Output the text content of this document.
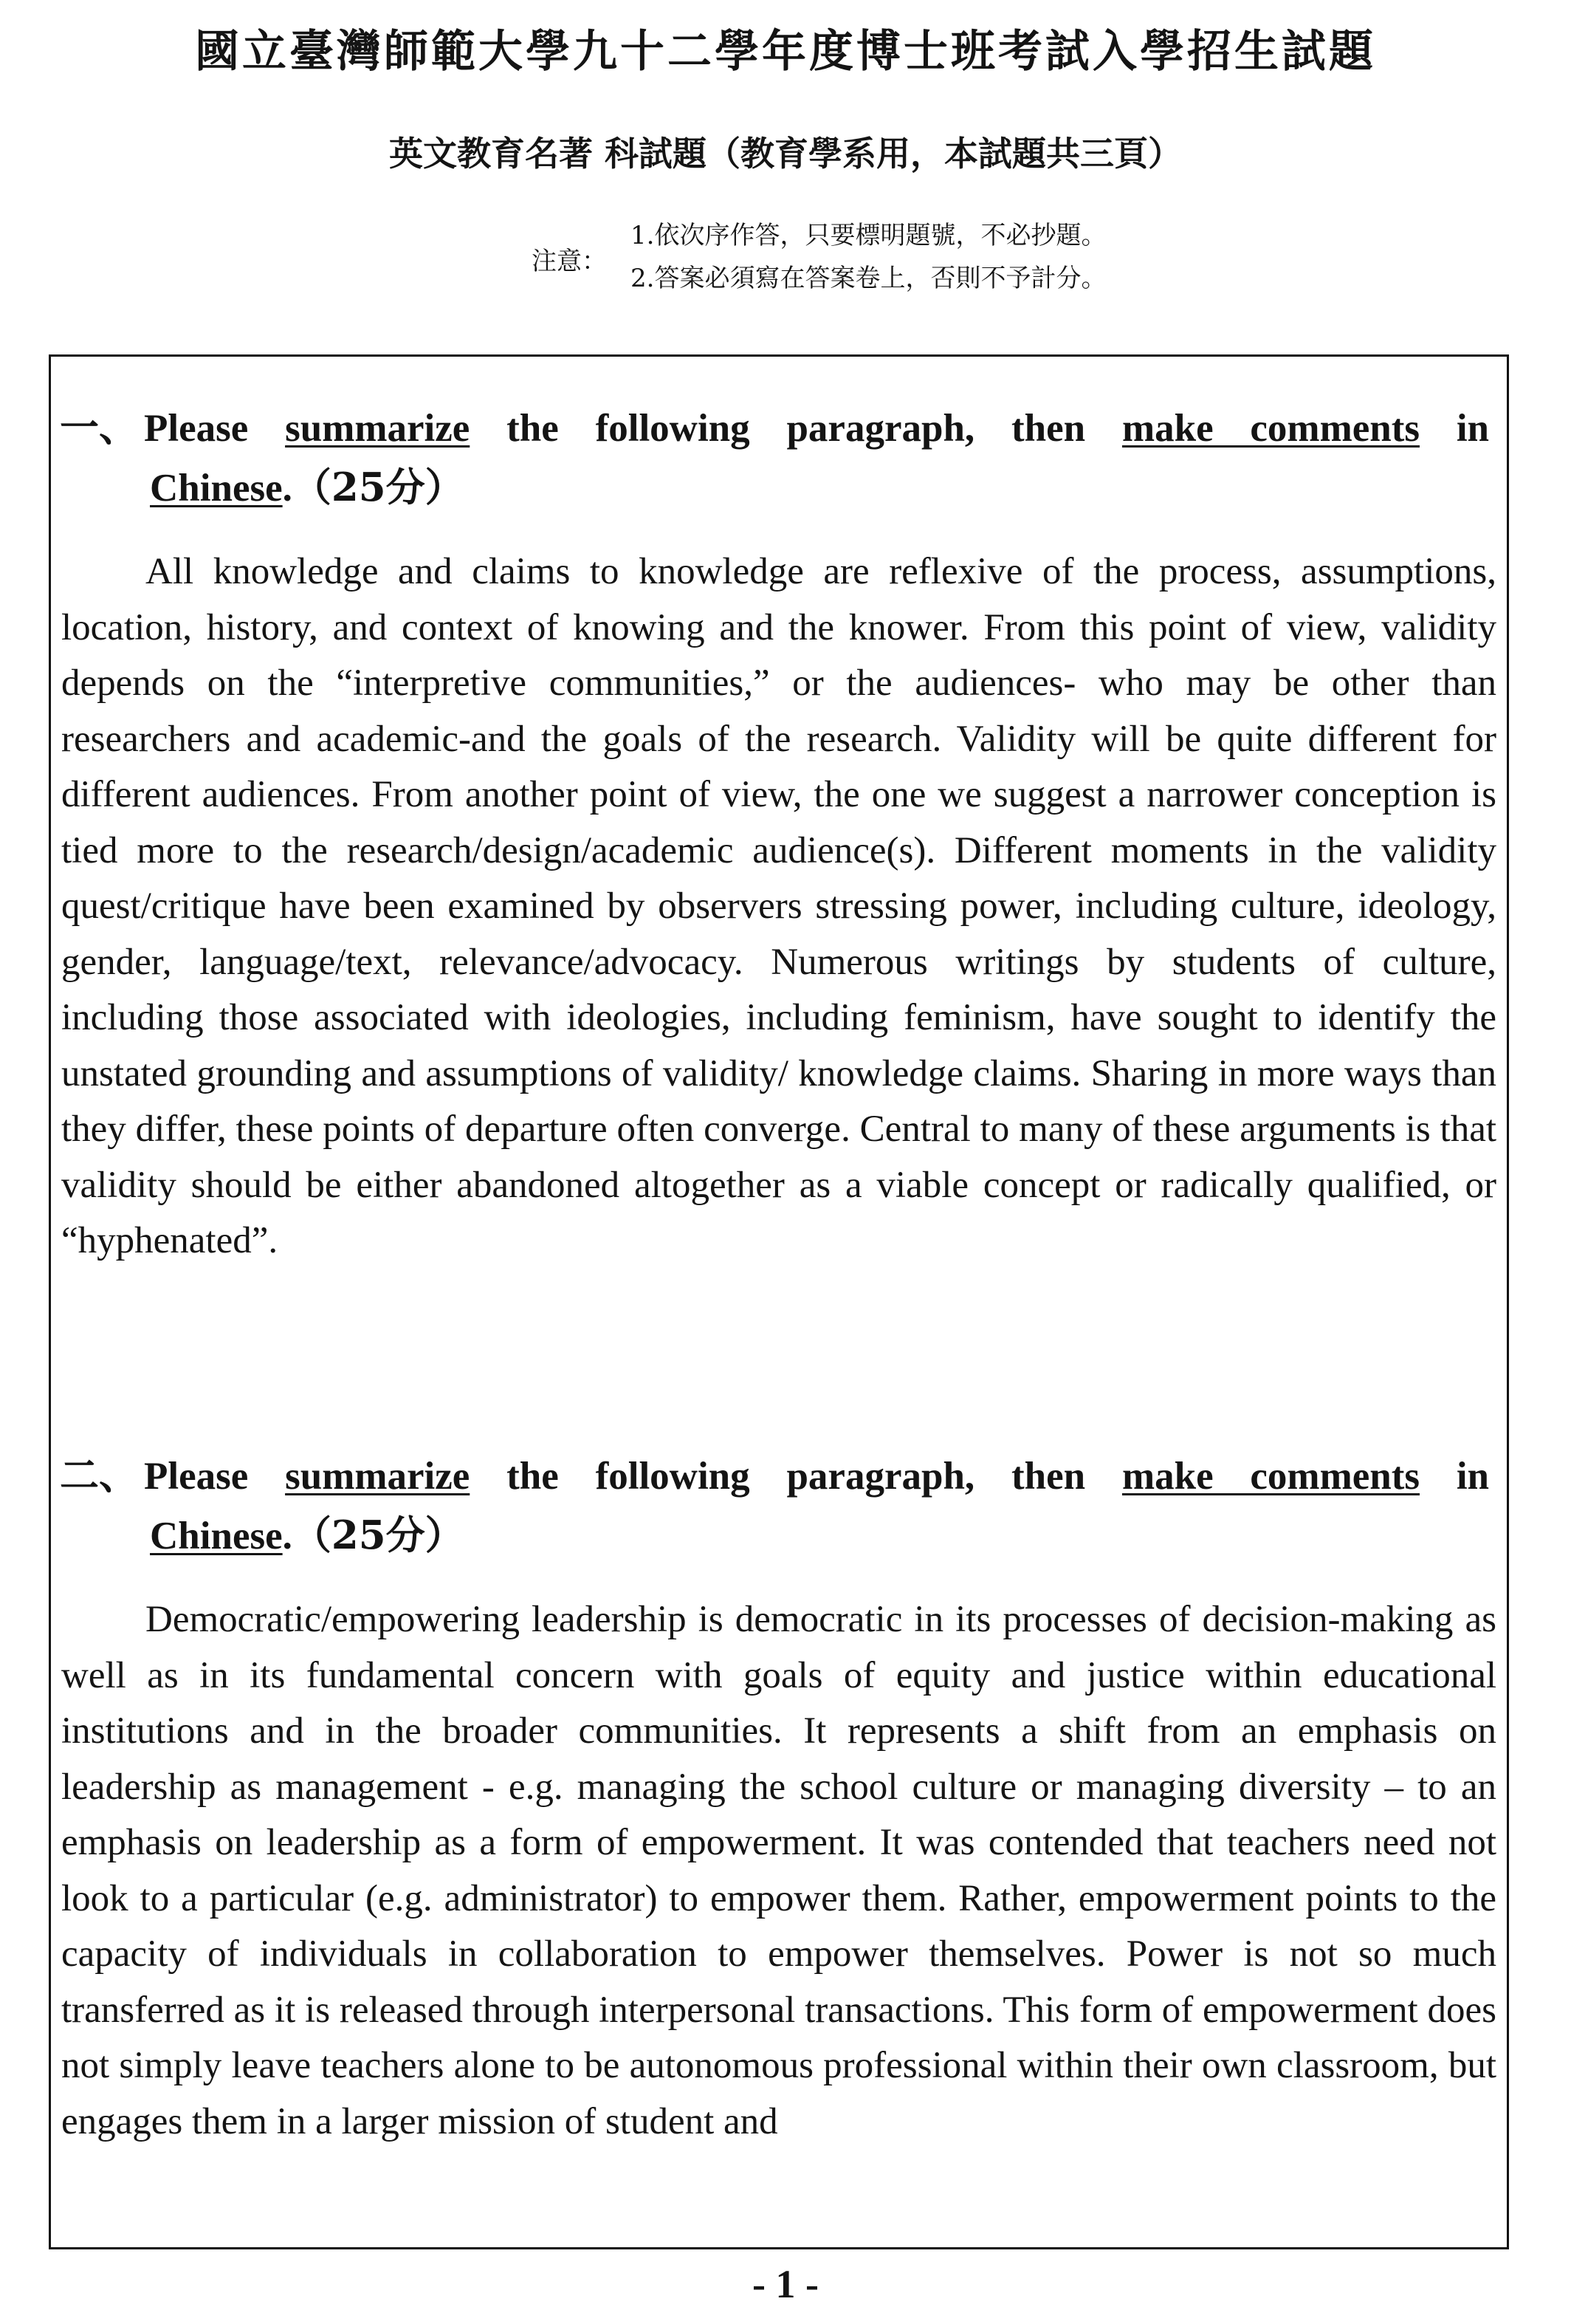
國立臺灣師範大學九十二學年度博士班考試入學招生試題
英文教育名著 科試題（教育學系用，本試題共三頁）
注意：
1.依次序作答，只要標明題號，不必抄題。
2.答案必須寫在答案卷上，否則不予計分。
一、 Please summarize the following paragraph, then make comments in
Chinese.（25分）
All knowledge and claims to knowledge are reflexive of the process, assumptions, location, history, and context of knowing and the knower. From this point of view, validity depends on the “interpretive communities,” or the audiences- who may be other than researchers and academic-and the goals of the research. Validity will be quite different for different audiences. From another point of view, the one we suggest a narrower conception is tied more to the research/design/academic audience(s). Different moments in the validity quest/critique have been examined by observers stressing power, including culture, ideology, gender, language/text, relevance/advocacy. Numerous writings by students of culture, including those associated with ideologies, including feminism, have sought to identify the unstated grounding and assumptions of validity/ knowledge claims. Sharing in more ways than they differ, these points of departure often converge. Central to many of these arguments is that validity should be either abandoned altogether as a viable concept or radically qualified, or “hyphenated”.
二、 Please summarize the following paragraph, then make comments in
Chinese.（25分）
Democratic/empowering leadership is democratic in its processes of decision-making as well as in its fundamental concern with goals of equity and justice within educational institutions and in the broader communities. It represents a shift from an emphasis on leadership as management - e.g. managing the school culture or managing diversity – to an emphasis on leadership as a form of empowerment. It was contended that teachers need not look to a particular (e.g. administrator) to empower them. Rather, empowerment points to the capacity of individuals in collaboration to empower themselves. Power is not so much transferred as it is released through interpersonal transactions. This form of empowerment does not simply leave teachers alone to be autonomous professional within their own classroom, but engages them in a larger mission of student and
- 1 -
